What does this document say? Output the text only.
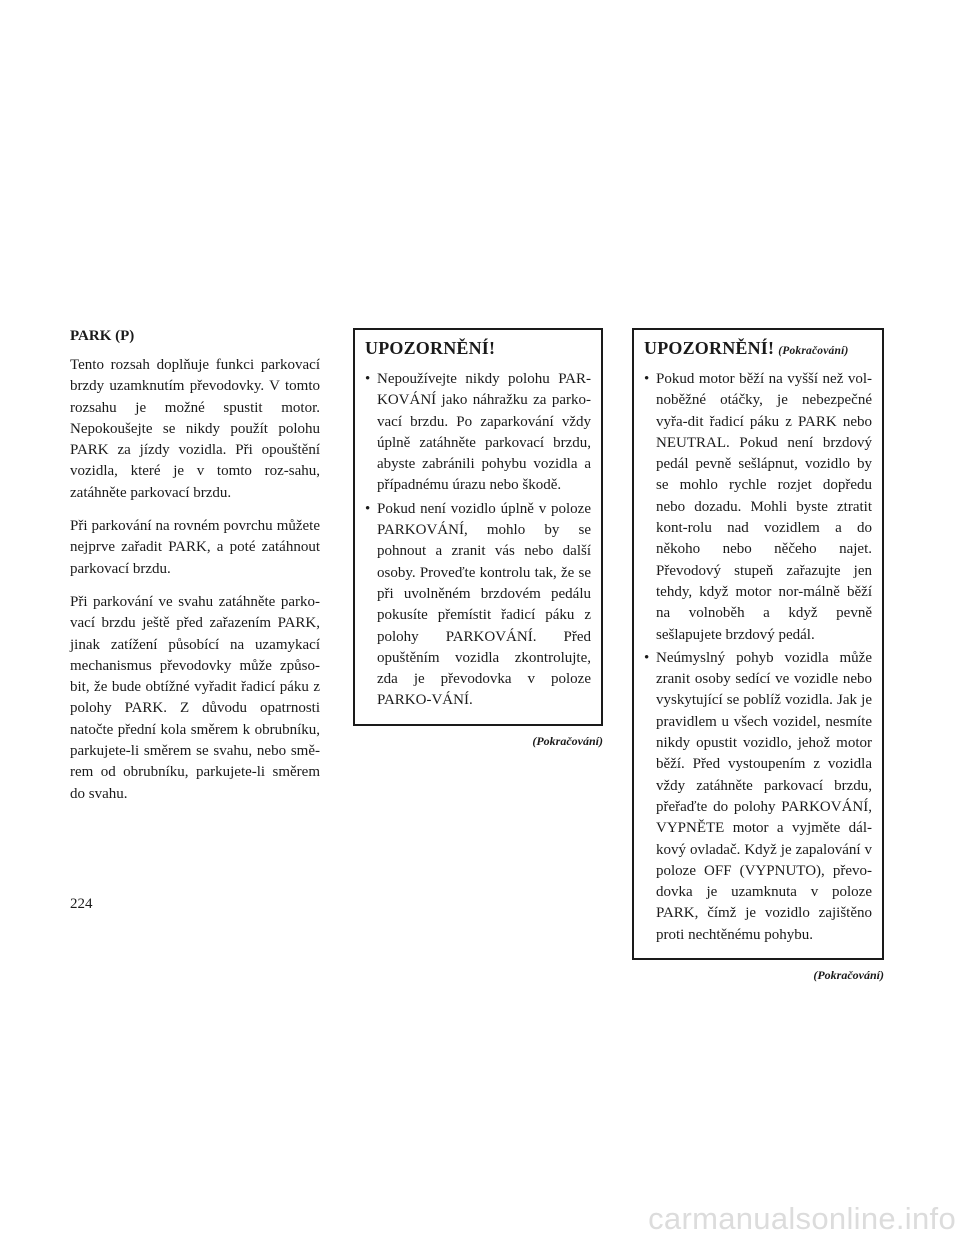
PARK (P)

Tento rozsah doplňuje funkci parkovací brzdy uzamknutím převodovky. V tomto rozsahu je možné spustit motor. Nepokoušejte se nikdy použít polohu PARK za jízdy vozidla. Při opouštění vozidla, které je v tomto roz-sahu, zatáhněte parkovací brzdu.

Při parkování na rovném povrchu můžete nejprve zařadit PARK, a poté zatáhnout parkovací brzdu.

Při parkování ve svahu zatáhněte parko-vací brzdu ještě před zařazením PARK, jinak zatížení působící na uzamykací mechanismus převodovky může způso-bit, že bude obtížné vyřadit řadicí páku z polohy PARK. Z důvodu opatrnosti natočte přední kola směrem k obrubníku, parkujete-li směrem se svahu, nebo smě-rem od obrubníku, parkujete-li směrem do svahu.

UPOZORNĚNÍ!
• Nepoužívejte nikdy polohu PAR-KOVÁNÍ jako náhražku za parko-vací brzdu. Po zaparkování vždy úplně zatáhněte parkovací brzdu, abyste zabránili pohybu vozidla a případnému úrazu nebo škodě.
• Pokud není vozidlo úplně v poloze PARKOVÁNÍ, mohlo by se pohnout a zranit vás nebo další osoby. Proveďte kontrolu tak, že se při uvolněném brzdovém pedálu pokusíte přemístit řadicí páku z polohy PARKOVÁNÍ. Před opuštěním vozidla zkontrolujte, zda je převodovka v poloze PARKO-VÁNÍ.
(Pokračování)
UPOZORNĚNÍ! (Pokračování)
• Pokud motor běží na vyšší než vol-noběžné otáčky, je nebezpečné vyřa-dit řadicí páku z PARK nebo NEUTRAL. Pokud není brzdový pedál pevně sešlápnut, vozidlo by se mohlo rychle rozjet dopředu nebo dozadu. Mohli byste ztratit kont-rolu nad vozidlem a do někoho nebo něčeho najet. Převodový stupeň zařazujte jen tehdy, když motor nor-málně běží na volnoběh a když pevně sešlapujete brzdový pedál.
• Neúmyslný pohyb vozidla může zranit osoby sedící ve vozidle nebo vyskytující se poblíž vozidla. Jak je pravidlem u všech vozidel, nesmíte nikdy opustit vozidlo, jehož motor běží. Před vystoupením z vozidla vždy zatáhněte parkovací brzdu, přeřaďte do polohy PARKOVÁNÍ, VYPNĚTE motor a vyjměte dál-kový ovladač. Když je zapalování v poloze OFF (VYPNUTO), převo-dovka je uzamknuta v poloze PARK, čímž je vozidlo zajištěno proti nechtěnému pohybu.
(Pokračování)
224
carmanualsonline.info
